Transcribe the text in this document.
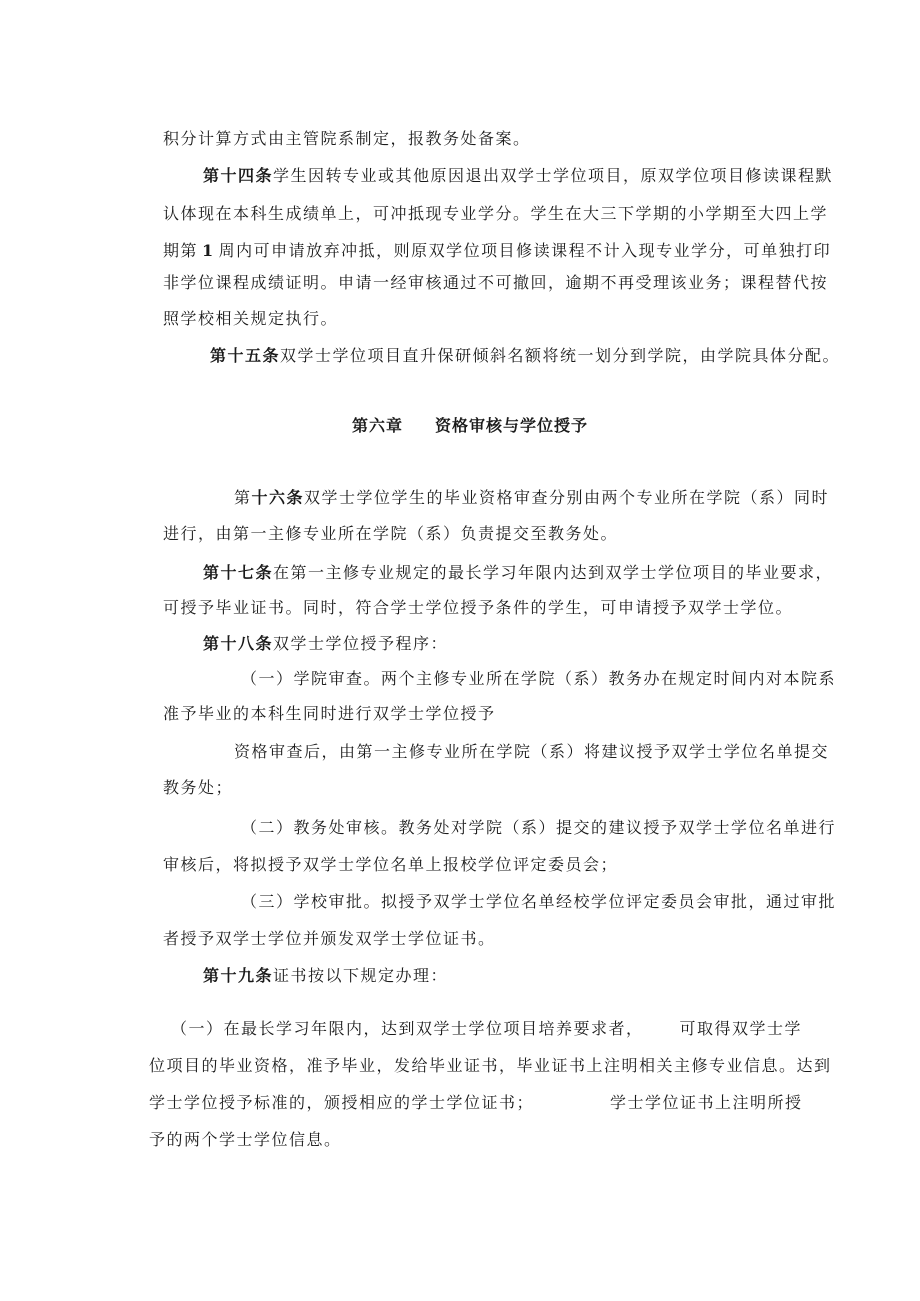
积分计算方式由主管院系制定，报教务处备案。
第十四条学生因转专业或其他原因退出双学士学位项目，原双学位项目修读课程默
认体现在本科生成绩单上，可冲抵现专业学分。学生在大三下学期的小学期至大四上学
期第 1 周内可申请放弃冲抵，则原双学位项目修读课程不计入现专业学分，可单独打印
非学位课程成绩证明。申请一经审核通过不可撤回，逾期不再受理该业务；课程替代按
照学校相关规定执行。
第十五条双学士学位项目直升保研倾斜名额将统一划分到学院，由学院具体分配。
第六章 资格审核与学位授予
第十六条双学士学位学生的毕业资格审查分别由两个专业所在学院（系）同时
进行，由第一主修专业所在学院（系）负责提交至教务处。
第十七条在第一主修专业规定的最长学习年限内达到双学士学位项目的毕业要求，
可授予毕业证书。同时，符合学士学位授予条件的学生，可申请授予双学士学位。
第十八条双学士学位授予程序：
（一）学院审查。两个主修专业所在学院（系）教务办在规定时间内对本院系
准予毕业的本科生同时进行双学士学位授予
资格审查后，由第一主修专业所在学院（系）将建议授予双学士学位名单提交
教务处；
（二）教务处审核。教务处对学院（系）提交的建议授予双学士学位名单进行
审核后，将拟授予双学士学位名单上报校学位评定委员会；
（三）学校审批。拟授予双学士学位名单经校学位评定委员会审批，通过审批
者授予双学士学位并颁发双学士学位证书。
第十九条证书按以下规定办理：
（一）在最长学习年限内，达到双学士学位项目培养要求者， 可取得双学士学
位项目的毕业资格，准予毕业，发给毕业证书，毕业证书上注明相关主修专业信息。达到
学士学位授予标准的，颁授相应的学士学位证书；	学士学位证书上注明所授
予的两个学士学位信息。
